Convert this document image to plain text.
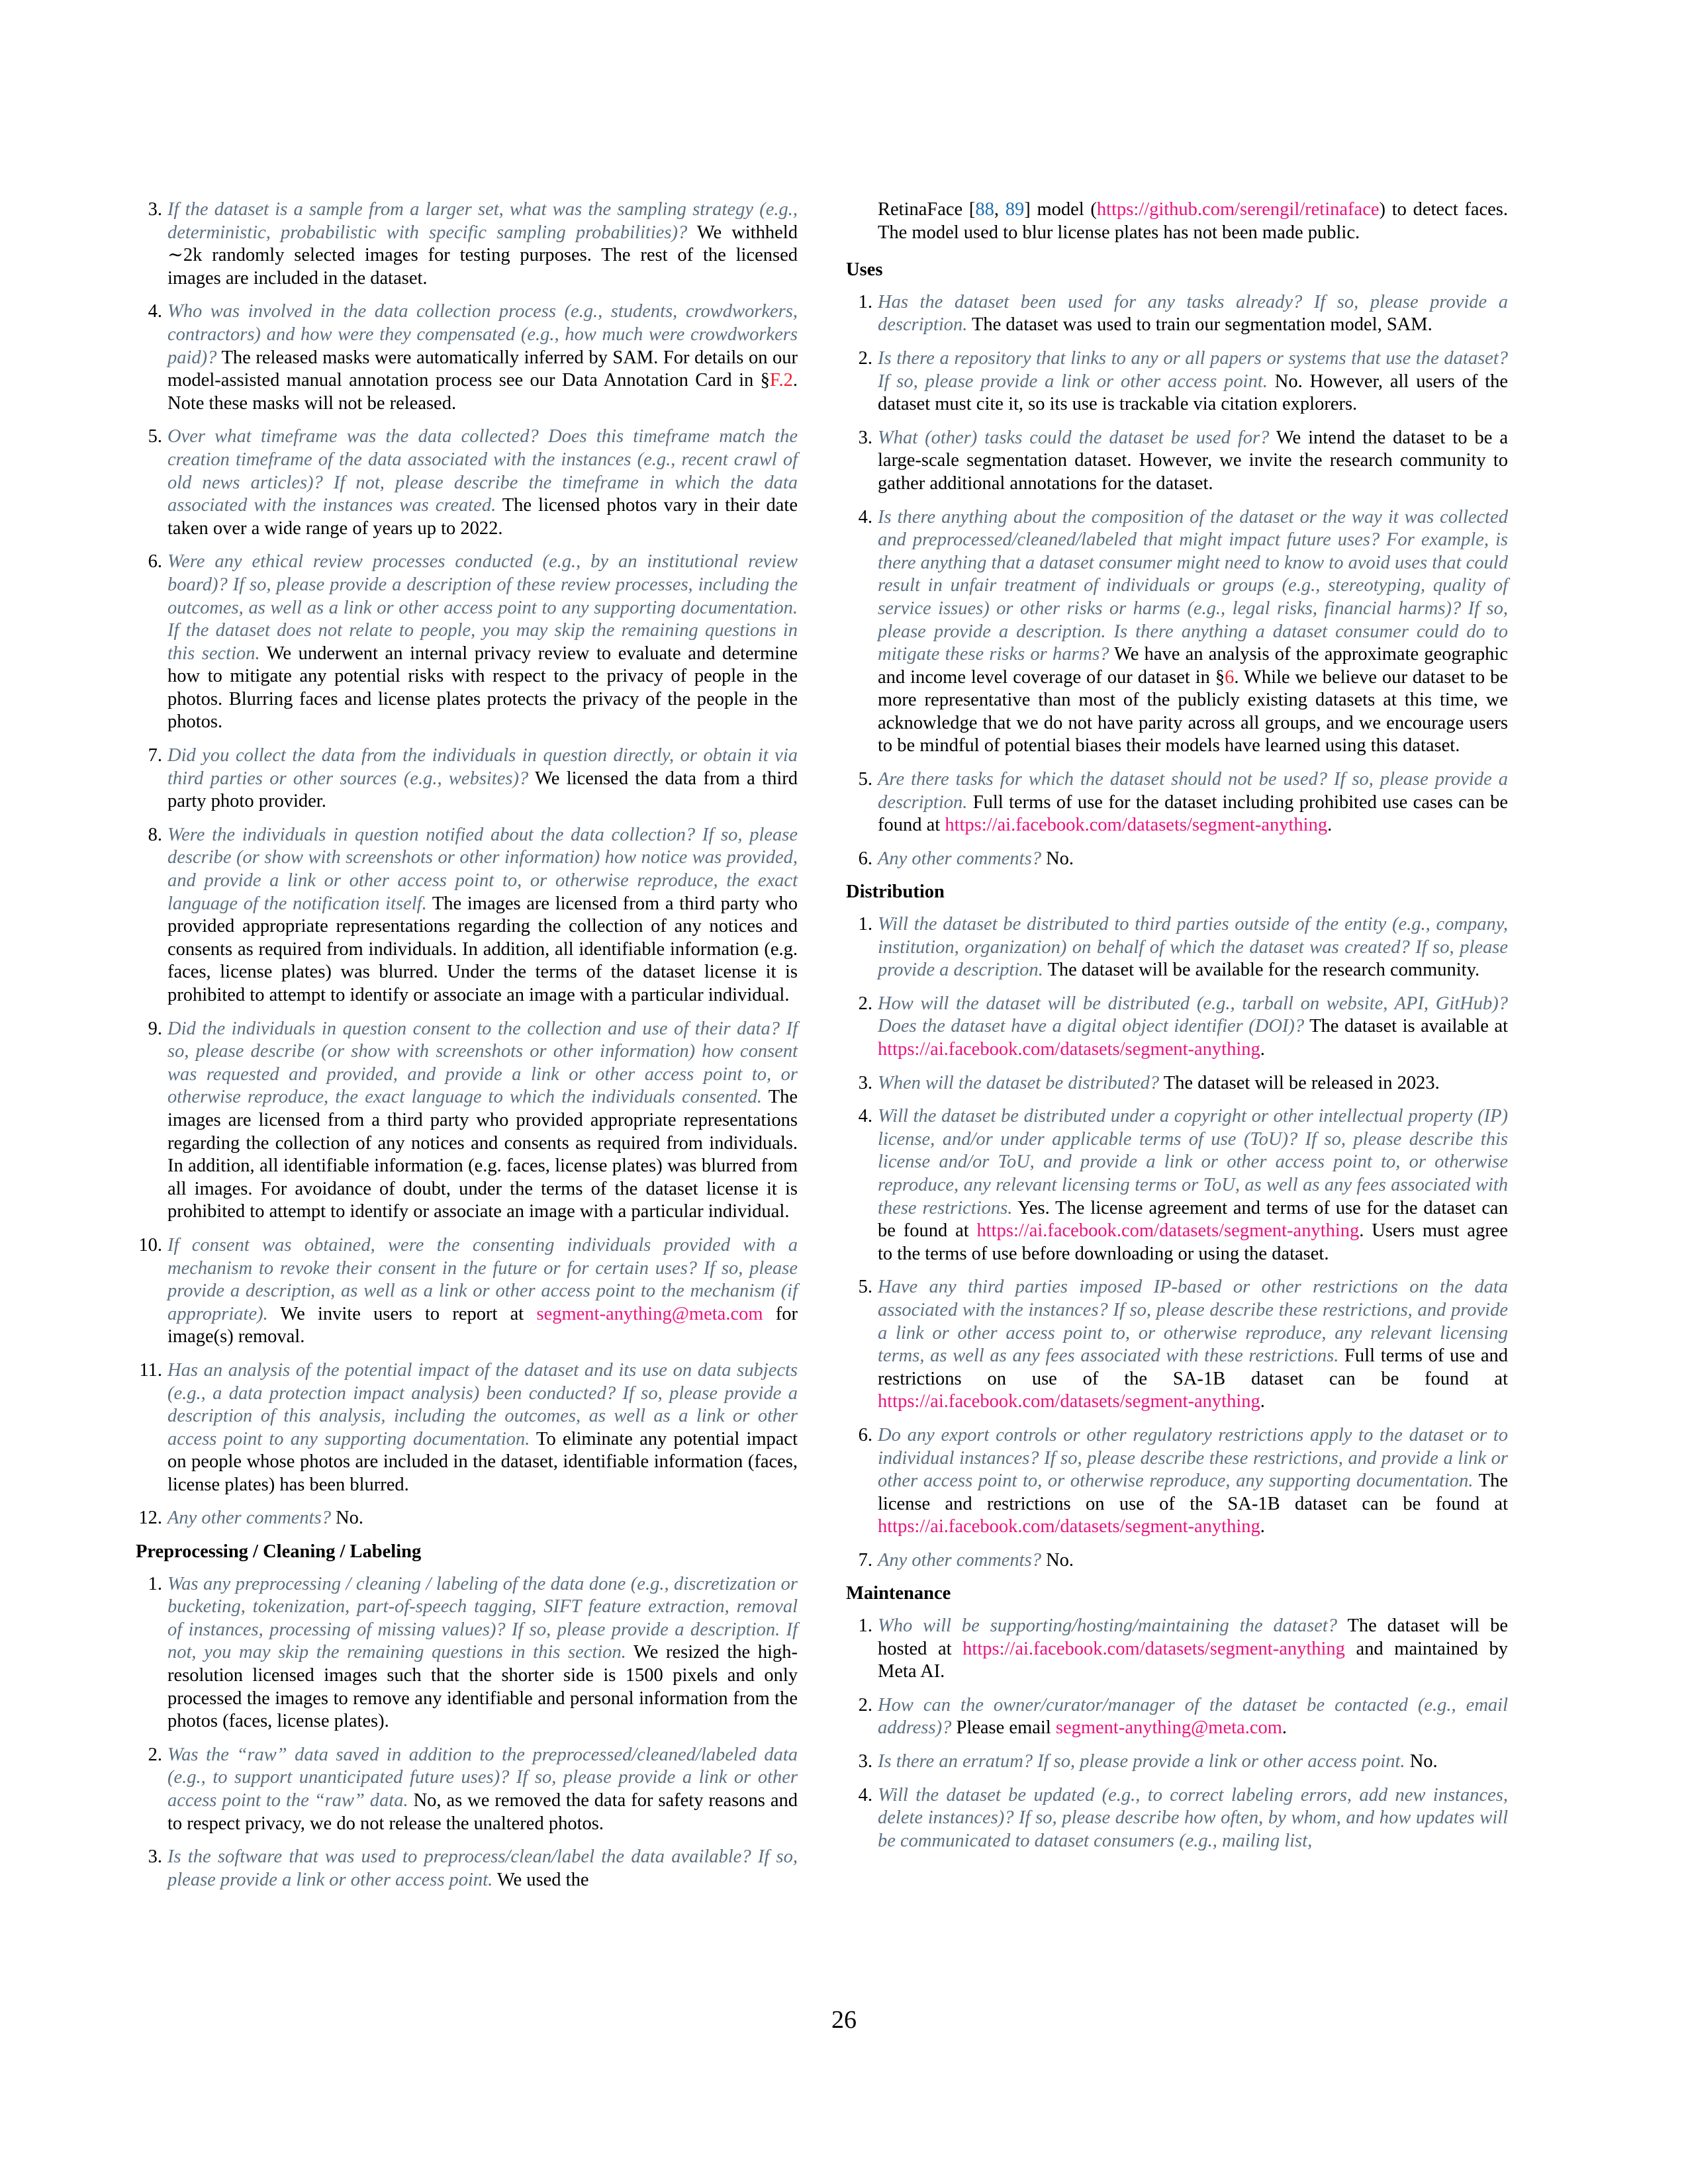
3. If the dataset is a sample from a larger set, what was the sampling strategy (e.g., deterministic, probabilistic with specific sampling probabilities)? We withheld ∼2k randomly selected images for testing purposes. The rest of the licensed images are included in the dataset.
4. Who was involved in the data collection process (e.g., students, crowdworkers, contractors) and how were they compensated (e.g., how much were crowdworkers paid)? The released masks were automatically inferred by SAM. For details on our model-assisted manual annotation process see our Data Annotation Card in §F.2. Note these masks will not be released.
5. Over what timeframe was the data collected? Does this timeframe match the creation timeframe of the data associated with the instances (e.g., recent crawl of old news articles)? If not, please describe the timeframe in which the data associated with the instances was created. The licensed photos vary in their date taken over a wide range of years up to 2022.
6. Were any ethical review processes conducted (e.g., by an institutional review board)? If so, please provide a description of these review processes, including the outcomes, as well as a link or other access point to any supporting documentation. If the dataset does not relate to people, you may skip the remaining questions in this section. We underwent an internal privacy review to evaluate and determine how to mitigate any potential risks with respect to the privacy of people in the photos. Blurring faces and license plates protects the privacy of the people in the photos.
7. Did you collect the data from the individuals in question directly, or obtain it via third parties or other sources (e.g., websites)? We licensed the data from a third party photo provider.
8. Were the individuals in question notified about the data collection? If so, please describe (or show with screenshots or other information) how notice was provided, and provide a link or other access point to, or otherwise reproduce, the exact language of the notification itself. The images are licensed from a third party who provided appropriate representations regarding the collection of any notices and consents as required from individuals. In addition, all identifiable information (e.g. faces, license plates) was blurred. Under the terms of the dataset license it is prohibited to attempt to identify or associate an image with a particular individual.
9. Did the individuals in question consent to the collection and use of their data? If so, please describe (or show with screenshots or other information) how consent was requested and provided, and provide a link or other access point to, or otherwise reproduce, the exact language to which the individuals consented. The images are licensed from a third party who provided appropriate representations regarding the collection of any notices and consents as required from individuals. In addition, all identifiable information (e.g. faces, license plates) was blurred from all images. For avoidance of doubt, under the terms of the dataset license it is prohibited to attempt to identify or associate an image with a particular individual.
10. If consent was obtained, were the consenting individuals provided with a mechanism to revoke their consent in the future or for certain uses? If so, please provide a description, as well as a link or other access point to the mechanism (if appropriate). We invite users to report at segment-anything@meta.com for image(s) removal.
11. Has an analysis of the potential impact of the dataset and its use on data subjects (e.g., a data protection impact analysis) been conducted? If so, please provide a description of this analysis, including the outcomes, as well as a link or other access point to any supporting documentation. To eliminate any potential impact on people whose photos are included in the dataset, identifiable information (faces, license plates) has been blurred.
12. Any other comments? No.
Preprocessing / Cleaning / Labeling
1. Was any preprocessing / cleaning / labeling of the data done (e.g., discretization or bucketing, tokenization, part-of-speech tagging, SIFT feature extraction, removal of instances, processing of missing values)? If so, please provide a description. If not, you may skip the remaining questions in this section. We resized the high-resolution licensed images such that the shorter side is 1500 pixels and only processed the images to remove any identifiable and personal information from the photos (faces, license plates).
2. Was the “raw” data saved in addition to the preprocessed/cleaned/labeled data (e.g., to support unanticipated future uses)? If so, please provide a link or other access point to the “raw” data. No, as we removed the data for safety reasons and to respect privacy, we do not release the unaltered photos.
3. Is the software that was used to preprocess/clean/label the data available? If so, please provide a link or other access point. We used the
RetinaFace [88, 89] model (https://github.com/serengil/retinaface) to detect faces. The model used to blur license plates has not been made public.
Uses
1. Has the dataset been used for any tasks already? If so, please provide a description. The dataset was used to train our segmentation model, SAM.
2. Is there a repository that links to any or all papers or systems that use the dataset? If so, please provide a link or other access point. No. However, all users of the dataset must cite it, so its use is trackable via citation explorers.
3. What (other) tasks could the dataset be used for? We intend the dataset to be a large-scale segmentation dataset. However, we invite the research community to gather additional annotations for the dataset.
4. Is there anything about the composition of the dataset or the way it was collected and preprocessed/cleaned/labeled that might impact future uses? For example, is there anything that a dataset consumer might need to know to avoid uses that could result in unfair treatment of individuals or groups (e.g., stereotyping, quality of service issues) or other risks or harms (e.g., legal risks, financial harms)? If so, please provide a description. Is there anything a dataset consumer could do to mitigate these risks or harms? We have an analysis of the approximate geographic and income level coverage of our dataset in §6. While we believe our dataset to be more representative than most of the publicly existing datasets at this time, we acknowledge that we do not have parity across all groups, and we encourage users to be mindful of potential biases their models have learned using this dataset.
5. Are there tasks for which the dataset should not be used? If so, please provide a description. Full terms of use for the dataset including prohibited use cases can be found at https://ai.facebook.com/datasets/segment-anything.
6. Any other comments? No.
Distribution
1. Will the dataset be distributed to third parties outside of the entity (e.g., company, institution, organization) on behalf of which the dataset was created? If so, please provide a description. The dataset will be available for the research community.
2. How will the dataset will be distributed (e.g., tarball on website, API, GitHub)? Does the dataset have a digital object identifier (DOI)? The dataset is available at https://ai.facebook.com/datasets/segment-anything.
3. When will the dataset be distributed? The dataset will be released in 2023.
4. Will the dataset be distributed under a copyright or other intellectual property (IP) license, and/or under applicable terms of use (ToU)? If so, please describe this license and/or ToU, and provide a link or other access point to, or otherwise reproduce, any relevant licensing terms or ToU, as well as any fees associated with these restrictions. Yes. The license agreement and terms of use for the dataset can be found at https://ai.facebook.com/datasets/segment-anything. Users must agree to the terms of use before downloading or using the dataset.
5. Have any third parties imposed IP-based or other restrictions on the data associated with the instances? If so, please describe these restrictions, and provide a link or other access point to, or otherwise reproduce, any relevant licensing terms, as well as any fees associated with these restrictions. Full terms of use and restrictions on use of the SA-1B dataset can be found at https://ai.facebook.com/datasets/segment-anything.
6. Do any export controls or other regulatory restrictions apply to the dataset or to individual instances? If so, please describe these restrictions, and provide a link or other access point to, or otherwise reproduce, any supporting documentation. The license and restrictions on use of the SA-1B dataset can be found at https://ai.facebook.com/datasets/segment-anything.
7. Any other comments? No.
Maintenance
1. Who will be supporting/hosting/maintaining the dataset? The dataset will be hosted at https://ai.facebook.com/datasets/segment-anything and maintained by Meta AI.
2. How can the owner/curator/manager of the dataset be contacted (e.g., email address)? Please email segment-anything@meta.com.
3. Is there an erratum? If so, please provide a link or other access point. No.
4. Will the dataset be updated (e.g., to correct labeling errors, add new instances, delete instances)? If so, please describe how often, by whom, and how updates will be communicated to dataset consumers (e.g., mailing list,
26
